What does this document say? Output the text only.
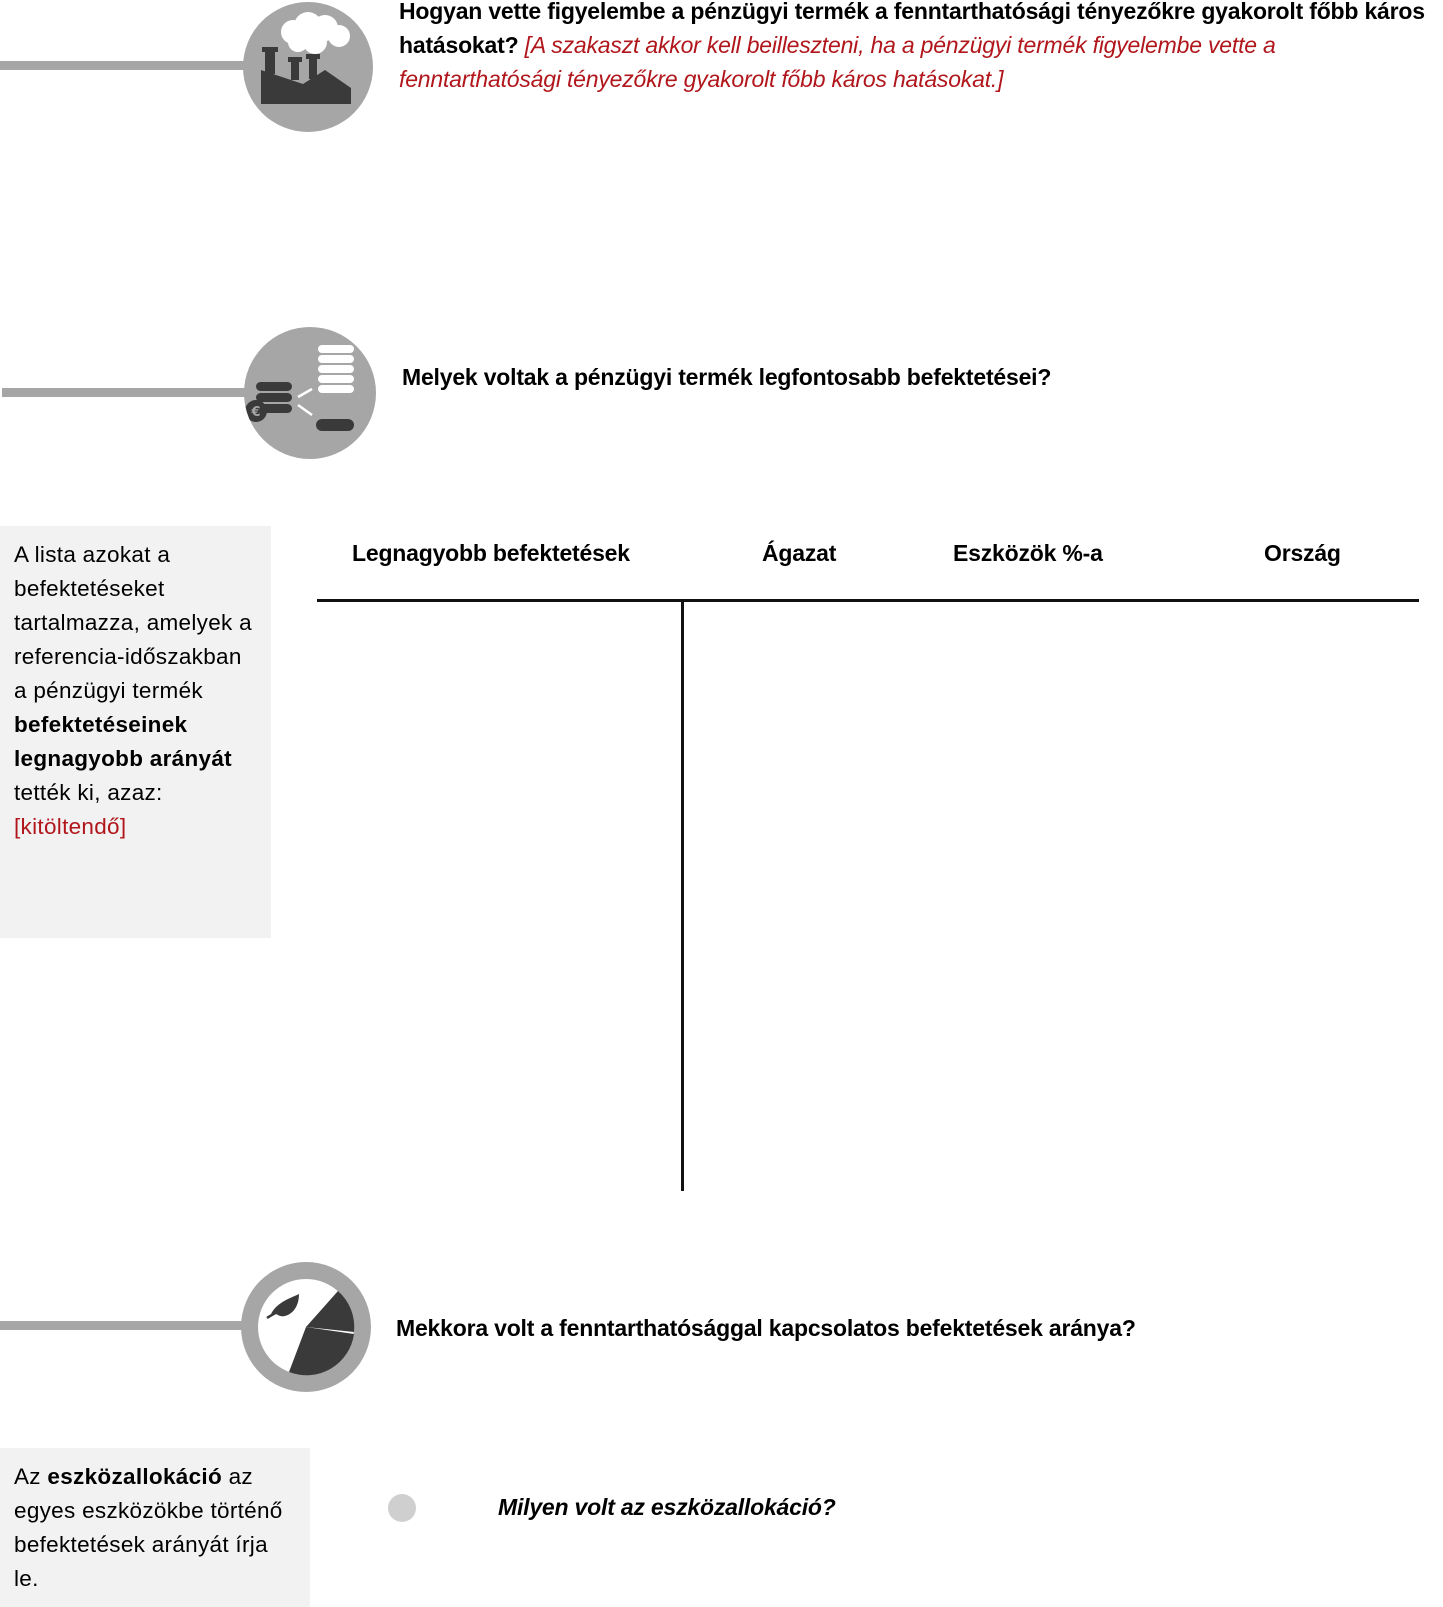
Hogyan vette figyelembe a pénzügyi termék a fenntarthatósági tényezőkre gyakorolt főbb káros hatásokat? [A szakaszt akkor kell beilleszteni, ha a pénzügyi termék figyelembe vette a fenntarthatósági tényezőkre gyakorolt főbb káros hatásokat.]
€
Melyek voltak a pénzügyi termék legfontosabb befektetései?
A lista azokat a befektetéseket tartalmazza, amelyek a referencia-időszakban a pénzügyi termék befektetéseinek legnagyobb arányát tették ki, azaz: [kitöltendő]
Legnagyobb befektetések	Ágazat	Eszközök %-a	Ország
Mekkora volt a fenntarthatósággal kapcsolatos befektetések aránya?
Az eszközallokáció az egyes eszközökbe történő befektetések arányát írja le.
Milyen volt az eszközallokáció?
